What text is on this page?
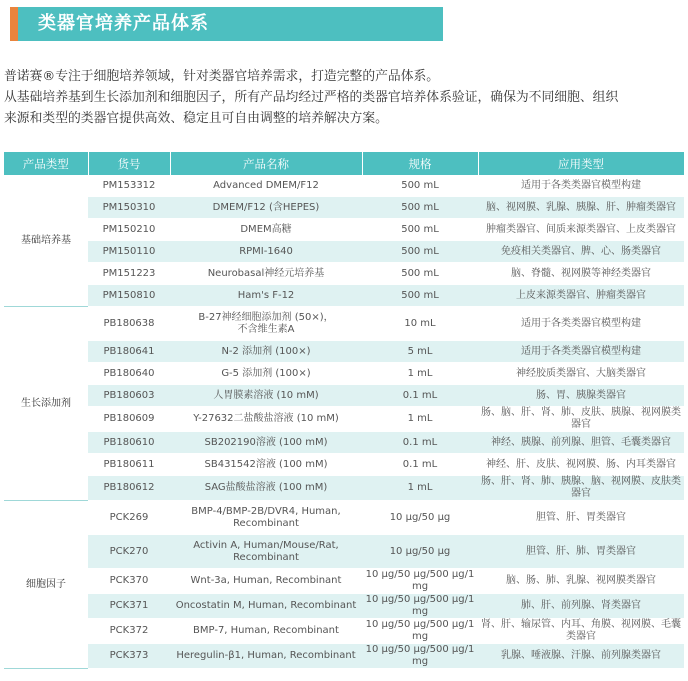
类器官培养产品体系

普诺赛®专注于细胞培养领域，针对类器官培养需求，打造完整的产品体系。

从基础培养基到生长添加剂和细胞因子，所有产品均经过严格的类器官培养体系验证，确保为不同细胞、组织

来源和类型的类器官提供高效、稳定且可自由调整的培养解决方案。

产品类型	货号	产品名称	规格	应用类型
基础培养基	PM153312	Advanced DMEM/F12	500 mL	适用于各类类器官模型构建
	PM150310	DMEM/F12 (含HEPES)	500 mL	脑、视网膜、乳腺、胰腺、肝、肿瘤类器官
	PM150210	DMEM高糖	500 mL	肿瘤类器官、间质来源类器官、上皮类器官
	PM150110	RPMI-1640	500 mL	免疫相关类器官、脾、心、肠类器官
	PM151223	Neurobasal神经元培养基	500 mL	脑、脊髓、视网膜等神经类器官
	PM150810	Ham's F-12	500 mL	上皮来源类器官、肿瘤类器官
生长添加剂	PB180638	B-27神经细胞添加剂 (50×)，
不含维生素A	10 mL	适用于各类类器官模型构建
	PB180641	N-2 添加剂 (100×)	5 mL	适用于各类类器官模型构建
	PB180640	G-5 添加剂 (100×)	1 mL	神经胶质类器官、大脑类器官
	PB180603	人胃膜素溶液 (10 mM)	0.1 mL	肠、胃、胰腺类器官
	PB180609	Y-27632二盐酸盐溶液 (10 mM)	1 mL	肠、脑、肝、肾、肺、皮肤、胰腺、视网膜类器官
	PB180610	SB202190溶液 (100 mM)	0.1 mL	神经、胰腺、前列腺、胆管、毛囊类器官
	PB180611	SB431542溶液 (100 mM)	0.1 mL	神经、肝、皮肤、视网膜、肠、内耳类器官
	PB180612	SAG盐酸盐溶液 (100 mM)	1 mL	肠、肝、肾、肺、胰腺、脑、视网膜、皮肤类器官
细胞因子	PCK269	BMP-4/BMP-2B/DVR4, Human,
Recombinant	10 μg/50 μg	胆管、肝、胃类器官
	PCK270	Activin A, Human/Mouse/Rat,
Recombinant	10 μg/50 μg	胆管、肝、肺、胃类器官
	PCK370	Wnt-3a, Human, Recombinant	10 μg/50 μg/500 μg/1 mg	脑、肠、肺、乳腺、视网膜类器官
	PCK371	Oncostatin M, Human, Recombinant	10 μg/50 μg/500 μg/1 mg	肺、肝、前列腺、肾类器官
	PCK372	BMP-7, Human, Recombinant	10 μg/50 μg/500 μg/1 mg	肾、肝、输尿管、内耳、角膜、视网膜、毛囊类器官
	PCK373	Heregulin-β1, Human, Recombinant	10 μg/50 μg/500 μg/1 mg	乳腺、唾液腺、汗腺、前列腺类器官
